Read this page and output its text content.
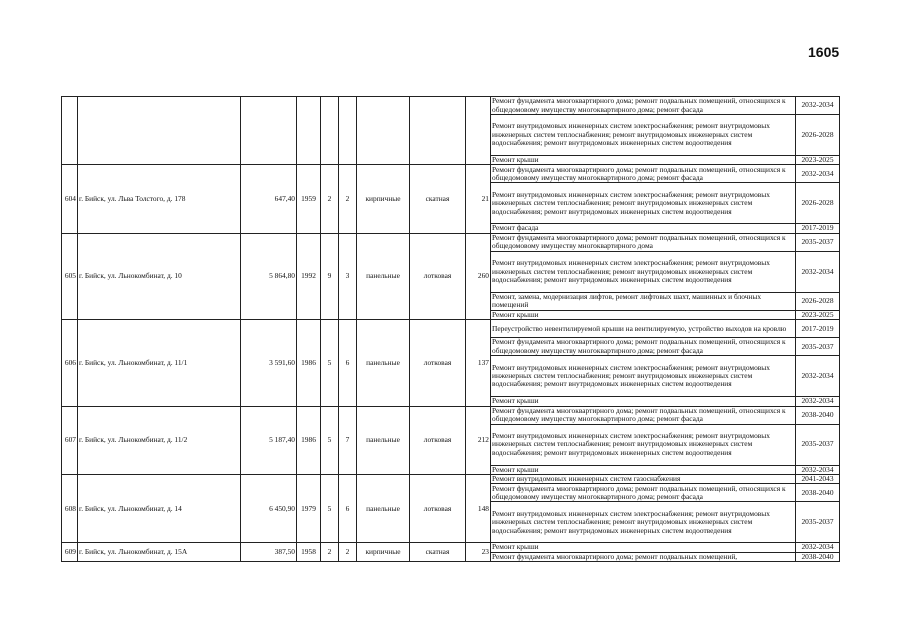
1605
									Ремонт фундамента многоквартирного дома; ремонт подвальных помещений, относящихся к общедомовому имуществу многоквартирного дома; ремонт фасада	2032-2034
									Ремонт внутридомовых инженерных систем электроснабжения; ремонт внутридомовых инженерных систем теплоснабжения; ремонт внутридомовых инженерных систем водоснабжения; ремонт внутридомовых инженерных систем водоотведения	2026-2028
									Ремонт крыши	2023-2025
604	г. Бийск, ул. Льва Толстого, д. 178	647,40	1959	2	2	кирпичные	скатная	21	Ремонт фундамента многоквартирного дома; ремонт подвальных помещений, относящихся к общедомовому имуществу многоквартирного дома; ремонт фасада	2032-2034
									Ремонт внутридомовых инженерных систем электроснабжения; ремонт внутридомовых инженерных систем теплоснабжения; ремонт внутридомовых инженерных систем водоснабжения; ремонт внутридомовых инженерных систем водоотведения	2026-2028
									Ремонт фасада	2017-2019
605	г. Бийск, ул. Льнокомбинат, д. 10	5 864,80	1992	9	3	панельные	лотковая	260	Ремонт фундамента многоквартирного дома; ремонт подвальных помещений, относящихся к общедомовому имуществу многоквартирного дома	2035-2037
									Ремонт внутридомовых инженерных систем электроснабжения; ремонт внутридомовых инженерных систем теплоснабжения; ремонт внутридомовых инженерных систем водоснабжения; ремонт внутридомовых инженерных систем водоотведения	2032-2034
									Ремонт, замена, модернизация лифтов, ремонт лифтовых шахт, машинных и блочных помещений	2026-2028
									Ремонт крыши	2023-2025
606	г. Бийск, ул. Льнокомбинат, д. 11/1	3 591,60	1986	5	6	панельные	лотковая	137	Переустройство невентилируемой крыши на вентилируемую, устройство выходов на кровлю	2017-2019
									Ремонт фундамента многоквартирного дома; ремонт подвальных помещений, относящихся к общедомовому имуществу многоквартирного дома; ремонт фасада	2035-2037
									Ремонт внутридомовых инженерных систем электроснабжения; ремонт внутридомовых инженерных систем теплоснабжения; ремонт внутридомовых инженерных систем водоснабжения; ремонт внутридомовых инженерных систем водоотведения	2032-2034
									Ремонт крыши	2032-2034
607	г. Бийск, ул. Льнокомбинат, д. 11/2	5 187,40	1986	5	7	панельные	лотковая	212	Ремонт фундамента многоквартирного дома; ремонт подвальных помещений, относящихся к общедомовому имуществу многоквартирного дома; ремонт фасада	2038-2040
									Ремонт внутридомовых инженерных систем электроснабжения; ремонт внутридомовых инженерных систем теплоснабжения; ремонт внутридомовых инженерных систем водоснабжения; ремонт внутридомовых инженерных систем водоотведения	2035-2037
									Ремонт крыши	2032-2034
608	г. Бийск, ул. Льнокомбинат, д. 14	6 450,90	1979	5	6	панельные	лотковая	148	Ремонт внутридомовых инженерных систем газоснабжения	2041-2043
									Ремонт фундамента многоквартирного дома; ремонт подвальных помещений, относящихся к общедомовому имуществу многоквартирного дома; ремонт фасада	2038-2040
									Ремонт внутридомовых инженерных систем электроснабжения; ремонт внутридомовых инженерных систем теплоснабжения; ремонт внутридомовых инженерных систем водоснабжения; ремонт внутридомовых инженерных систем водоотведения	2035-2037
609	г. Бийск, ул. Льнокомбинат, д. 15А	387,50	1958	2	2	кирпичные	скатная	23	Ремонт крыши	2032-2034
									Ремонт фундамента многоквартирного дома; ремонт подвальных помещений,	2038-2040
